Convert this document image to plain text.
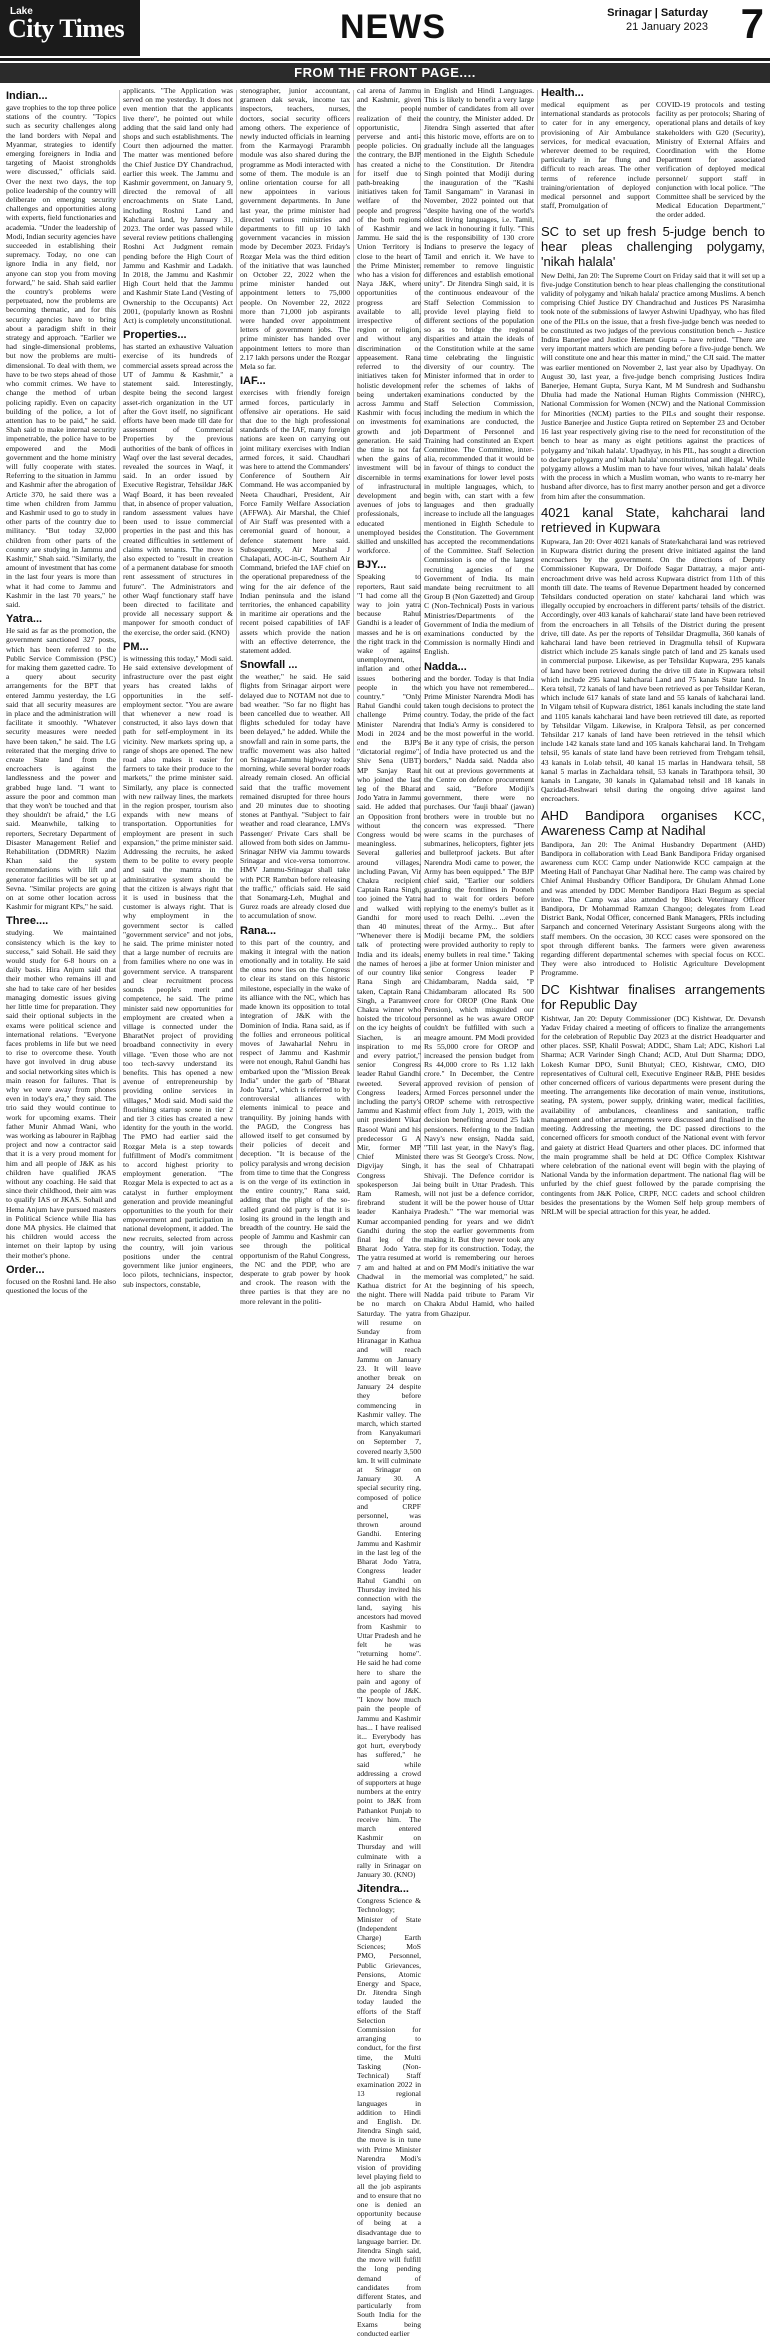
Lake
City Times	NEWS	Srinagar | Saturday
21 January 2023 7
FROM THE FRONT PAGE....
Indian...

gave trophies to the top three police stations of the country. "Topics such as security challenges along the land borders with Nepal and Myanmar, strategies to identify emerging foreigners in India and targeting of Maoist strongholds were discussed," officials said. Over the next two days, the top police leadership of the country will deliberate on emerging security challenges and opportunities along with experts, field functionaries and academia. "Under the leadership of Modi, Indian security agencies have succeeded in establishing their supremacy. Today, no one can ignore India in any field, nor anyone can stop you from moving forward," he said. Shah said earlier the country's problems were perpetuated, now the problems are becoming thematic, and for this security agencies have to bring about a paradigm shift in their strategy and approach. "Earlier we had single-dimensional problems, but now the problems are multi-dimensional. To deal with them, we have to be two steps ahead of those who commit crimes. We have to change the method of urban policing rapidly. Even on capacity building of the police, a lot of attention has to be paid," he said. Shah said to make internal security impenetrable, the police have to be empowered and the Modi government and the home ministry will fully cooperate with states. Referring to the situation in Jammu and Kashmir after the abrogation of Article 370, he said there was a time when children from Jammu and Kashmir used to go to study in other parts of the country due to militancy. "But today 32,000 children from other parts of the country are studying in Jammu and Kashmir," Shah said. "Similarly, the amount of investment that has come in the last four years is more than what it had come to Jammu and Kashmir in the last 70 years," he said.

Yatra...

He said as far as the promotion, the government sanctioned 327 posts, which has been referred to the Public Service Commission (PSC) for making them gazetted cadre. To a query about security arrangements for the BPT that entered Jammu yesterday, the LG said that all security measures are in place and the administration will facilitate it smoothly. "Whatever security measures were needed have been taken," he said. The LG reiterated that the merging drive to create State land from the encroachers is against the landlessness and the power and grabbed huge land. "I want to assure the poor and common man that they won't be touched and that they shouldn't be afraid," the LG said. Meanwhile, talking to reporters, Secretary Department of Disaster Management Relief and Rehabilitation (DDMRR) Nazim Khan said the system recommendations with lift and generator facilities will be set up at Sevna. "Similar projects are going on at some other location across Kashmir for migrant KPs," he said.

Three....

studying. We maintained consistency which is the key to success," said Sohail. He said they would study for 6-8 hours on a daily basis. Hira Anjum said that their mother who remains ill and she had to take care of her besides managing domestic issues giving her little time for preparation. They said their optional subjects in the exams were political science and international relations. "Everyone faces problems in life but we need to rise to overcome these. Youth have got involved in drug abuse and social networking sites which is main reason for failures. That is why we were away from phones even in today's era," they said. The trio said they would continue to work for upcoming exams. Their father Munir Ahmad Wani, who was working as labourer in Rajbhag project and now a contractor said that it is a very proud moment for him and all people of J&K as his children have qualified JKAS without any coaching. He said that since their childhood, their aim was to qualify IAS or JKAS. Sohail and Hema Anjum have pursued masters in Political Science while Ilia has done MA physics. He claimed that his children would access the internet on their laptop by using their mother's phone.

Order...

focused on the Roshni land. He also questioned the locus of the

applicants. "The Application was served on me yesterday. It does not even mention that the applicants live there", he pointed out while adding that the said land only had shops and such establishments. The Court then adjourned the matter. The matter was mentioned before the Chief Justice DY Chandrachud, earlier this week. The Jammu and Kashmir government, on January 9, directed the removal of all encroachments on State Land, including Roshni Land and Kahcharai land, by January 31, 2023. The order was passed while several review petitions challenging Roshni Act Judgment remain pending before the High Court of Jammu and Kashmir and Ladakh. In 2018, the Jammu and Kashmir High Court held that the Jammu and Kashmir State Land (Vesting of Ownership to the Occupants) Act 2001, (popularly known as Roshni Act) is completely unconstitutional.

Properties...

has started an exhaustive Valuation exercise of its hundreds of commercial assets spread across the UT of Jammu & Kashmir," a statement said. Interestingly, despite being the second largest asset-rich organization in the UT after the Govt itself, no significant efforts have been made till date for assessment of Commercial Properties by the previous authorities of the bank of offices in Waqf over the last several decades, revealed the sources in Waqf, it said. In an order issued by Executive Registrar, Tehsildar J&K Waqf Board, it has been revealed that, in absence of proper valuation, random assessment values have been used to issue commercial properties in the past and this has created difficulties in settlement of claims with tenants. The move is also expected to "result in creation of a permanent database for smooth rent assessment of structures in future". The Administrators and other Waqf functionary staff have been directed to facilitate and provide all necessary support & manpower for smooth conduct of the exercise, the order said. (KNO)

PM...

is witnessing this today," Modi said. He said extensive development of infrastructure over the past eight years has created lakhs of opportunities in the self-employment sector. "You are aware that whenever a new road is constructed, it also lays down that path for self-employment in its vicinity. New markets spring up, a range of shops are opened. The new road also makes it easier for farmers to take their produce to the markets," the prime minister said. Similarly, any place is connected with new railway lines, the markets in the region prosper, tourism also expands with new means of transportation. Opportunities for employment are present in such expansion," the prime minister said. Addressing the recruits, he asked them to be polite to every people and said the mantra in the administrative system should be that the citizen is always right that it is used in business that the customer is always right. That is why employment in the government sector is called "government service" and not jobs, he said. The prime minister noted that a large number of recruits are from families where no one was in government service. A transparent and clear recruitment process sounds people's merit and competence, he said. The prime minister said new opportunities for employment are created when a village is connected under the BharatNet project of providing broadband connectivity in every village. "Even those who are not too tech-savvy understand its benefits. This has opened a new avenue of entrepreneurship by providing online services in villages," Modi said. Modi said the flourishing startup scene in tier 2 and tier 3 cities has created a new identity for the youth in the world. The PMO had earlier said the Rozgar Mela is a step towards fulfillment of Modi's commitment to accord highest priority to employment generation. "The Rozgar Mela is expected to act as a catalyst in further employment generation and provide meaningful opportunities to the youth for their empowerment and participation in national development, it added. The new recruits, selected from across the country, will join various positions under the central government like junior engineers, loco pilots, technicians, inspector, sub inspectors, constable,

stenographer, junior accountant, grameen dak sevak, income tax inspectors, teachers, nurses, doctors, social security officers among others. The experience of newly inducted officials in learning from the Karmayogi Prarambh module was also shared during the programme as Modi interacted with some of them. The module is an online orientation course for all new appointees in various government departments. In June last year, the prime minister had directed various ministries and departments to fill up 10 lakh government vacancies in mission mode by December 2023. Friday's Rozgar Mela was the third edition of the initiative that was launched on October 22, 2022 when the prime minister handed out appointment letters to 75,000 people. On November 22, 2022 more than 71,000 job aspirants were handed over appointment letters of government jobs. The prime minister has handed over appointment letters to more than 2.17 lakh persons under the Rozgar Mela so far.

IAF...

exercises with friendly foreign armed forces, particularly in offensive air operations. He said that due to the high professional standards of the IAF, many foreign nations are keen on carrying out joint military exercises with Indian armed forces, it said. Chaudhari was here to attend the Commanders' Conference of Southern Air Command. He was accompanied by Neeta Chaudhari, President, Air Force Family Welfare Association (AFFWA). Air Marshal, the Chief of Air Staff was presented with a ceremonial guard of honour, a defence statement here said. Subsequently, Air Marshal J Chalapati, AOC-in-C, Southern Air Command, briefed the IAF chief on the operational preparedness of the wing for the air defence of the Indian peninsula and the island territories, the enhanced capability in maritime air operations and the recent poised capabilities of IAF assets which provide the nation with an effective deterrence, the statement added.

Snowfall ...

the weather," he said. He said flights from Srinagar airport were delayed due to NOTAM not due to bad weather. "So far no flight has been cancelled due to weather. All flights scheduled for today have been delayed," he added. While the snowfall and rain in some parts, the traffic movement was also halted on Srinagar-Jammu highway today morning, while several border roads already remain closed. An official said that the traffic movement remained disrupted for three hours and 20 minutes due to shooting stones at Panthyal. "Subject to fair weather and road clearance, LMVs Passenger/ Private Cars shall be allowed from both sides on Jammu-Srinagar NHW via Jammu towards Srinagar and vice-versa tomorrow. HMV Jammu-Srinagar shall take with PCR Ramban before releasing the traffic," officials said. He said that Sonamarg-Leh, Mughal and Gurez roads are already closed due to accumulation of snow.

Rana...

to this part of the country, and making it integral with the nation emotionally and in totality. He said the onus now lies on the Congress to clear its stand on this historic milestone, especially in the wake of its alliance with the NC, which has made known its opposition to total integration of J&K with the Dominion of India. Rana said, as if the follies and erroneous political moves of Jawaharlal Nehru in respect of Jammu and Kashmir were not enough, Rahul Gandhi has embarked upon the "Mission Break India" under the garb of "Bharat Jodo Yatra", which is referred to by controversial alliances with elements inimical to peace and tranquility. By joining hands with the PAGD, the Congress has allowed itself to get consumed by their policies of deceit and deception. "It is because of the policy paralysis and wrong decision from time to time that the Congress is on the verge of its extinction in the entire country," Rana said, adding that the plight of the so-called grand old party is that it is losing its ground in the length and breadth of the country. He said the people of Jammu and Kashmir can see through the political opportunism of the Rahul Congress, the NC and the PDP, who are desperate to grab power by hook and crook. The reason with the three parties is that they are no more relevant in the politi-

cal arena of Jammu and Kashmir, given the people realization of their opportunistic, perverse and anti-people policies. On the contrary, the BJP has created a niche for itself due to path-breaking initiatives taken for welfare of the people and progress of the both regions of Kashmir and Jammu. He said the Union Territory is close to the heart of the Prime Minister, who has a vision for Naya J&K, where opportunities of progress are available to all, irrespective of region or religion, and without any discrimination or appeasement. Rana referred to the initiatives taken for holistic development being undertaken across Jammu and Kashmir with focus on investments for growth and job generation. He said the time is not far when the gains of investment will be discernible in terms of infrastructural development and avenues of jobs to professionals, educated unemployed besides skilled and unskilled workforce.

BJY...

Speaking to reporters, Raut said "I had come all the way to join yatra because Rahul Gandhi is a leader of masses and he is on the right track in the wake of against unemployment, inflation and other issues bothering people in the country." "Only Rahul Gandhi could challenge Prime Minister Narendra Modi in 2024 and end the BJP's "dictatorial regime", Shiv Sena (UBT) MP Sanjay Raut who joined the last leg of the Bharat Jodo Yatra in Jammu said. He added that an Opposition front without the Congress would be meaningless. Several galleries around villages, including Pavan, Vir Chakra recipient Captain Rana Singh, too joined the Yatra and walked with Gandhi for more than 40 minutes. "Whenever there is talk of protecting India and its ideals, the names of heroes of our country like Rana Singh are taken, Captain Rana Singh, a Paramveer Chakra winner who hoisted the tricolour on the icy heights of Siachen, is an inspiration to me and every patriot," senior Congress leader Rahul Gandhi tweeted. Several Congress leaders, including the party's Jammu and Kashmir unit president Vikar Rasool Wani and his predecessor G A Mir, former MP Chief Minister Digvijay Singh, Congress spokesperson Jai Ram Ramesh, firebrand student leader Kanhaiya Kumar accompanied Gandhi during the final leg of the Bharat Jodo Yatra. The yatra resumed at 7 am and halted at Chadwal in the Kathua district for the night. There will be no march on Saturday. The yatra will resume on Sunday from Hiranagar in Kathua and will reach Jammu on January 23. It will leave another break on January 24 despite they before commencing in Kashmir valley. The march, which started from Kanyakumari on September 7, covered nearly 3,500 km. It will culminate at Srinagar on January 30. A special security ring, composed of police and CRPF personnel, was thrown around Gandhi. Entering Jammu and Kashmir in the last leg of the Bharat Jodo Yatra, Congress leader Rahul Gandhi on Thursday invited his connection with the land, saying his ancestors had moved from Kashmir to Uttar Pradesh and he felt he was "returning home". He said he had come here to share the pain and agony of the people of J&K. "I know how much pain the people of Jammu and Kashmir has... I have realised it... Everybody has got hurt, everybody has suffered," he said while addressing a crowd of supporters at huge numbers at the entry point to J&K from Pathankot Punjab to receive him. The march entered Kashmir on Thursday and will culminate with a rally in Srinagar on January 30. (KNO)

Jitendra...

Congress Science & Technology; Minister of State (Independent Charge) Earth Sciences; MoS PMO, Personnel, Public Grievances, Pensions, Atomic Energy and Space, Dr. Jitendra Singh today lauded the efforts of the Staff Selection Commission for arranging to conduct, for the first time, the Multi Tasking (Non-Technical) Staff examination 2022 in 13 regional languages in addition to Hindi and English. Dr. Jitendra Singh said, the move is in tune with Prime Minister Narendra Modi's vision of providing level playing field to all the job aspirants and to ensure that no one is denied an opportunity because of being at a disadvantage due to language barrier. Dr. Jitendra Singh said, the move will fulfill the long pending demand of candidates from different States, and particularly from South India for the Exams being conducted earlier

in English and Hindi Languages. This is likely to benefit a very large number of candidates from all over the country, the Minister added. Dr Jitendra Singh asserted that after this historic move, efforts are on to gradually include all the languages mentioned in the Eighth Schedule to the Constitution. Dr Jitendra Singh pointed that Modiji during the inauguration of the "Kashi Tamil Sangamam" in Varanasi in November, 2022 pointed out that "despite having one of the world's oldest living languages, i.e. Tamil, we lack in honouring it fully. "This is the responsibility of 130 crore Indians to preserve the legacy of Tamil and enrich it. We have to remember to remove linguistic differences and establish emotional unity". Dr Jitendra Singh said, it is the continuous endeavour of the Staff Selection Commission to provide level playing field to different sections of the population so as to bridge the regional disparities and attain the ideals of the Constitution while at the same time celebrating the linguistic diversity of our country. The Minister informed that in order to refer the schemes of lakhs of examinations conducted by the Staff Selection Commission, including the medium in which the examinations are conducted, the Department of Personnel and Training had constituted an Expert Committee. The Committee, inter-alia, recommended that it would be in favour of things to conduct the examinations for lower level posts in multiple languages, which, to begin with, can start with a few languages and then gradually increase to include all the languages mentioned in Eighth Schedule to the Constitution. The Government has accepted the recommendations of the Committee. Staff Selection Commission is one of the largest recruiting agencies of the Government of India. Its main mandate being recruitment to all Group B (Non Gazetted) and Group C (Non-Technical) Posts in various Ministries/Departments of the Government of India the medium of examinations conducted by the Commission is normally Hindi and English.

Nadda...

and the border. Today is that India which you have not remembered... Prime Minister Narendra Modi has taken tough decisions to protect the country. Today, the pride of the fact that India's Army is considered to be the most powerful in the world. Be it any type of crisis, the person of India have protected us and the borders," Nadda said. Nadda also hit out at previous governments at the Centre on defence procurement and said, "Before Modiji's government, there were no purchases. Our 'fauji bhaai' (jawan) brothers were in trouble but no concern was expressed. "There were scams in the purchases of submarines, helicopters, fighter jets and bulletproof jackets. But after Narendra Modi came to power, the Army has been equipped." The BJP chief said, "Earlier our soldiers guarding the frontlines in Pooneh had to wait for orders before replying to the enemy's bullet as it used to reach Delhi. ...even the threat of the Army... But after Modiji became PM, the soldiers were provided authority to reply to enemy bullets in real time." Taking a jibe at former Union minister and senior Congress leader P Chidambaram, Nadda said, "P Chidambaram allocated Rs 500 crore for OROP (One Rank One Pension), which misguided our personnel as he was aware OROP couldn't be fulfilled with such a meagre amount. PM Modi provided Rs 55,000 crore for OROP and increased the pension budget from Rs 44,000 crore to Rs 1.12 lakh crore." In December, the Centre approved revision of pension of Armed Forces personnel under the OROP scheme with retrospective effect from July 1, 2019, with the decision benefiting around 25 lakh pensioners. Referring to the Indian Navy's new ensign, Nadda said, "Till last year, in the Navy's flag, there was St George's Cross. Now, it has the seal of Chhatrapati Shivaji. The Defence corridor is being built in Uttar Pradesh. This will not just be a defence corridor, it will be the power house of Uttar Pradesh." "The war memorial was pending for years and we didn't stop the earlier governments from making it. But they never took any step for its construction. Today, the world is remembering our heroes and on PM Modi's initiative the war memorial was completed," he said. At the beginning of his speech, Nadda paid tribute to Param Vir Chakra Abdul Hamid, who hailed from Ghazipur.

Health...
medical equipment as per international standards as protocols to cater for in any emergency, provisioning of Air Ambulance services, for medical evacuation, wherever deemed to be required, particularly in far flung and difficult to reach areas. The other terms of reference include training/orientation of deployed medical personnel and support staff, Promulgation of
COVID-19 protocols and testing facility as per protocols; Sharing of operational plans and details of key stakeholders with G20 (Security), Ministry of External Affairs and Coordination with the Home Department for associated verification of deployed medical personnel/ support staff in conjunction with local police. "The Committee shall be serviced by the Medical Education Department," the order added.
SC to set up fresh 5-judge bench to hear pleas challenging polygamy, 'nikah halala'

New Delhi, Jan 20: The Supreme Court on Friday said that it will set up a five-judge Constitution bench to hear pleas challenging the constitutional validity of polygamy and 'nikah halala' practice among Muslims. A bench comprising Chief Justice DY Chandrachud and Justices PS Narasimha took note of the submissions of lawyer Ashwini Upadhyay, who has filed one of the PILs on the issue, that a fresh five-judge bench was needed to be constituted as two judges of the previous constitution bench -- Justice Indira Banerjee and Justice Hemant Gupta -- have retired. "There are very important matters which are pending before a five-judge bench. We will constitute one and hear this matter in mind," the CJI said. The matter was earlier mentioned on November 2, last year also by Upadhyay. On August 30, last year, a five-judge bench comprising Justices Indira Banerjee, Hemant Gupta, Surya Kant, M M Sundresh and Sudhanshu Dhulia had made the National Human Rights Commission (NHRC), National Commission for Women (NCW) and the National Commission for Minorities (NCM) parties to the PILs and sought their response. Justice Banerjee and Justice Gupta retired on September 23 and October 16 last year respectively giving rise to the need for reconstitution of the bench to hear as many as eight petitions against the practices of polygamy and 'nikah halala'. Upadhyay, in his PIL, has sought a direction to declare polygamy and 'nikah halala' unconstitutional and illegal. While polygamy allows a Muslim man to have four wives, 'nikah halala' deals with the process in which a Muslim woman, who wants to re-marry her husband after divorce, has to first marry another person and get a divorce from him after the consummation.

4021 kanal State, kahcharai land retrieved in Kupwara

Kupwara, Jan 20: Over 4021 kanals of State/kahcharai land was retrieved in Kupwara district during the present drive initiated against the land encroachers by the government. On the directions of Deputy Commissioner Kupwara, Dr Doifode Sagar Dattatray, a major anti-encroachment drive was held across Kupwara district from 11th of this month till date. The teams of Revenue Department headed by concerned Tehsildars conducted operation on state/ kahcharai land which was illegally occupied by encroachers in different parts/ tehsils of the district. Accordingly, over 403 kanals of kahcharai/ state land have been retrieved from the encroachers in all Tehsils of the District during the present drive, till date. As per the reports of Tehsildar Dragmulla, 360 kanals of kahcharai land have been retrieved in Dragmulla tehsil of Kupwara district which include 25 kanals single patch of land and 25 kanals used in commercial purpose. Likewise, as per Tehsildar Kupwara, 295 kanals of land have been retrieved during the drive till date in Kupwara tehsil which include 295 kanal kahcharai Land and 75 kanals State land. In Kera tehsil, 72 kanals of land have been retrieved as per Tehsildar Keran, which include 617 kanals of state land and 55 kanals of kahcharai land. In Vilgam tehsil of Kupwara district, 1861 kanals including the state land and 1105 kanals kahcharai land have been retrieved till date, as reported by Tehsildar Vilgam. Likewise, in Kralpora Tehsil, as per concerned Tehsildar 217 kanals of land have been retrieved in the tehsil which include 142 kanals state land and 105 kanals kahcharai land. In Trehgam tehsil, 95 kanals of state land have been retrieved from Trehgam tehsil, 43 kanals in Lolab tehsil, 40 kanal 15 marlas in Handwara tehsil, 58 kanal 5 marlas in Zachaldara tehsil, 53 kanals in Tarathpora tehsil, 30 kanals in Langate, 30 kanals in Qalamabad tehsil and 18 kanals in Qazidad-Reshwari tehsil during the ongoing drive against land encroachers.

AHD Bandipora organises KCC, Awareness Camp at Nadihal

Bandipora, Jan 20: The Animal Husbandry Department (AHD) Bandipora in collaboration with Lead Bank Bandipora Friday organised awareness cum KCC Camp under Nationwide KCC campaign at the Meeting Hall of Panchayat Ghar Nadihal here. The camp was chaired by Chief Animal Husbandry Officer Bandipora, Dr Ghulam Ahmad Lone and was attended by DDC Member Bandipora Hazi Begum as special invitee. The Camp was also attended by Block Veterinary Officer Bandipora, Dr Mohammad Ramzan Changoo; delegates from Lead District Bank, Nodal Officer, concerned Bank Managers, PRIs including Sarpanch and concerned Veterinary Assistant Surgeons along with the staff members. On the occasion, 30 KCC cases were sponsored on the spot through different banks. The farmers were given awareness regarding different departmental schemes with special focus on KCC. They were also introduced to Holistic Agriculture Development Programme.

DC Kishtwar finalises arrangements for Republic Day

Kishtwar, Jan 20: Deputy Commissioner (DC) Kishtwar, Dr. Devansh Yadav Friday chaired a meeting of officers to finalize the arrangements for the celebration of Republic Day 2023 at the district Headquarter and other places. SSP, Khalil Poswal; ADDC, Sham Lal; ADC, Kishori Lal Sharma; ACR Varinder Singh Chand; ACD, Atul Dutt Sharma; DDO, Lokesh Kumar DPO, Sunil Bhutyal; CEO, Kishtwar, CMO, DIO representatives of Cultural cell, Executive Engineer R&B, PHE besides other concerned officers of various departments were present during the meeting. The arrangements like decoration of main venue, institutions, seating, PA system, power supply, drinking water, medical facilities, availability of ambulances, cleanliness and sanitation, traffic management and other arrangements were discussed and finalised in the meeting. Addressing the meeting, the DC passed directions to the concerned officers for smooth conduct of the National event with fervor and gaiety at district Head Quarters and other places. DC informed that the main programme shall be held at DC Office Complex Kishtwar where celebration of the national event will begin with the playing of National Vanda by the information department. The national flag will be unfurled by the chief guest followed by the parade comprising the contingents from J&K Police, CRPF, NCC cadets and school children besides the presentations by the Women Self help group members of NRLM will be special attraction for this year, he added.
